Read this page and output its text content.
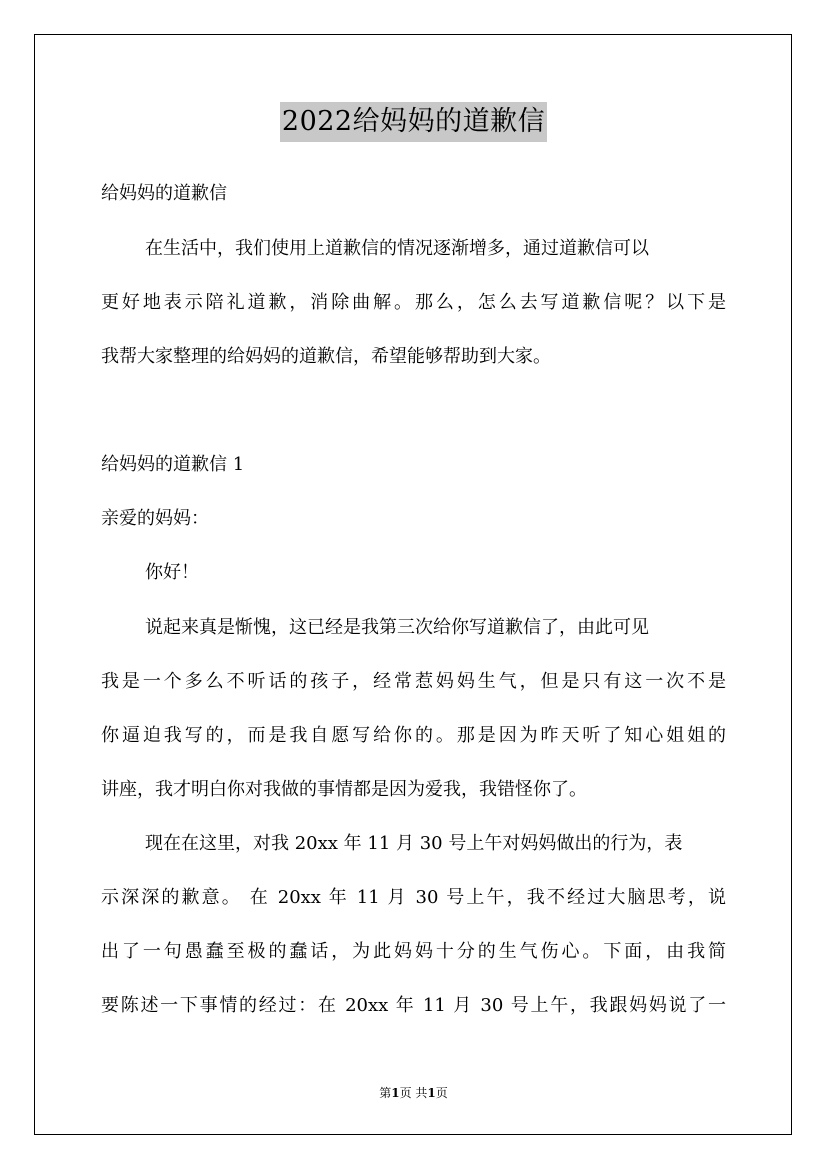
2022给妈妈的道歉信
给妈妈的道歉信
在生活中，我们使用上道歉信的情况逐渐增多，通过道歉信可以
更好地表示陪礼道歉，消除曲解。那么，怎么去写道歉信呢？以下是
我帮大家整理的给妈妈的道歉信，希望能够帮助到大家。
给妈妈的道歉信 1
亲爱的妈妈：
你好！
说起来真是惭愧，这已经是我第三次给你写道歉信了，由此可见
我是一个多么不听话的孩子，经常惹妈妈生气，但是只有这一次不是
你逼迫我写的，而是我自愿写给你的。那是因为昨天听了知心姐姐的
讲座，我才明白你对我做的事情都是因为爱我，我错怪你了。
现在在这里，对我 20xx 年 11 月 30 号上午对妈妈做出的行为，表
示深深的歉意。 在 20xx 年 11 月 30 号上午，我不经过大脑思考，说
出了一句愚蠢至极的蠢话，为此妈妈十分的生气伤心。下面，由我简
要陈述一下事情的经过：在 20xx 年 11 月 30 号上午，我跟妈妈说了一
第1页 共1页
